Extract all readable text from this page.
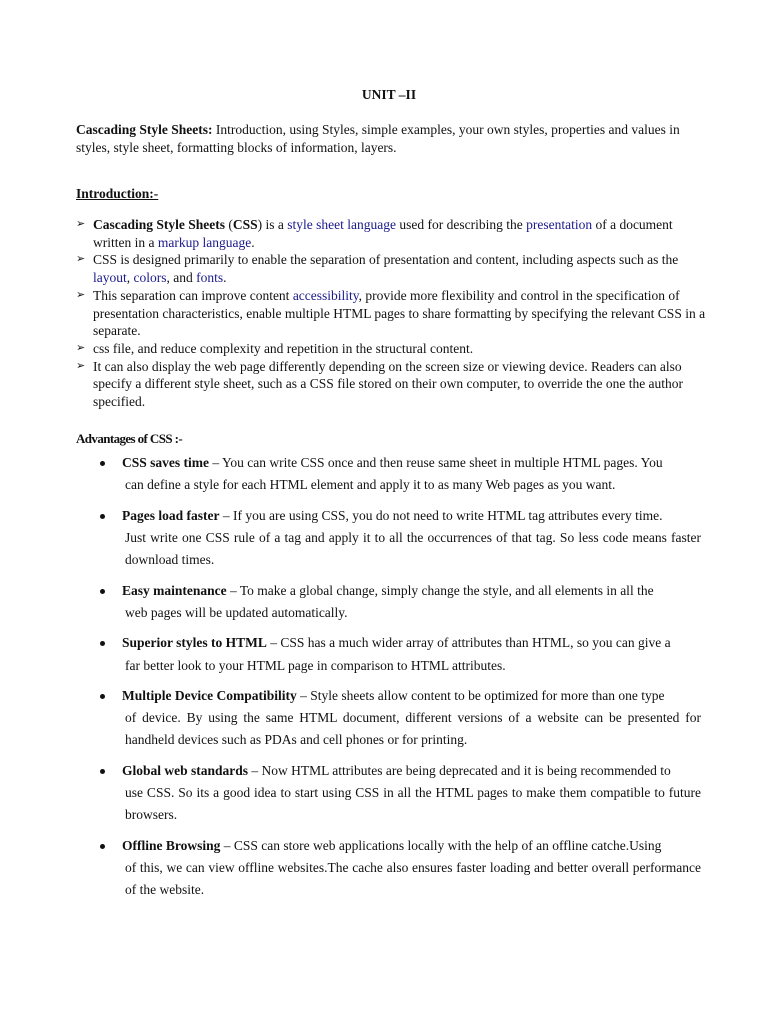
UNIT –II
Cascading Style Sheets: Introduction, using Styles, simple examples, your own styles, properties and values in styles, style sheet, formatting blocks of information, layers.
Introduction:-
➢ Cascading Style Sheets (CSS) is a style sheet language used for describing the presentation of a document written in a markup language.
➢ CSS is designed primarily to enable the separation of presentation and content, including aspects such as the layout, colors, and fonts.
➢ This separation can improve content accessibility, provide more flexibility and control in the specification of presentation characteristics, enable multiple HTML pages to share formatting by specifying the relevant CSS in a separate.
➢ css file, and reduce complexity and repetition in the structural content.
➢ It can also display the web page differently depending on the screen size or viewing device. Readers can also specify a different style sheet, such as a CSS file stored on their own computer, to override the one the author specified.
Advantages of CSS :-
CSS saves time – You can write CSS once and then reuse same sheet in multiple HTML pages. You
can define a style for each HTML element and apply it to as many Web pages as you want.
Pages load faster – If you are using CSS, you do not need to write HTML tag attributes every time.
Just write one CSS rule of a tag and apply it to all the occurrences of that tag. So less code means faster download times.
Easy maintenance – To make a global change, simply change the style, and all elements in all the
web pages will be updated automatically.
Superior styles to HTML – CSS has a much wider array of attributes than HTML, so you can give a
far better look to your HTML page in comparison to HTML attributes.
Multiple Device Compatibility – Style sheets allow content to be optimized for more than one type
of device. By using the same HTML document, different versions of a website can be presented for handheld devices such as PDAs and cell phones or for printing.
Global web standards – Now HTML attributes are being deprecated and it is being recommended to
use CSS. So its a good idea to start using CSS in all the HTML pages to make them compatible to future browsers.
Offline Browsing – CSS can store web applications locally with the help of an offline catche.Using
of this, we can view offline websites.The cache also ensures faster loading and better overall performance of the website.
